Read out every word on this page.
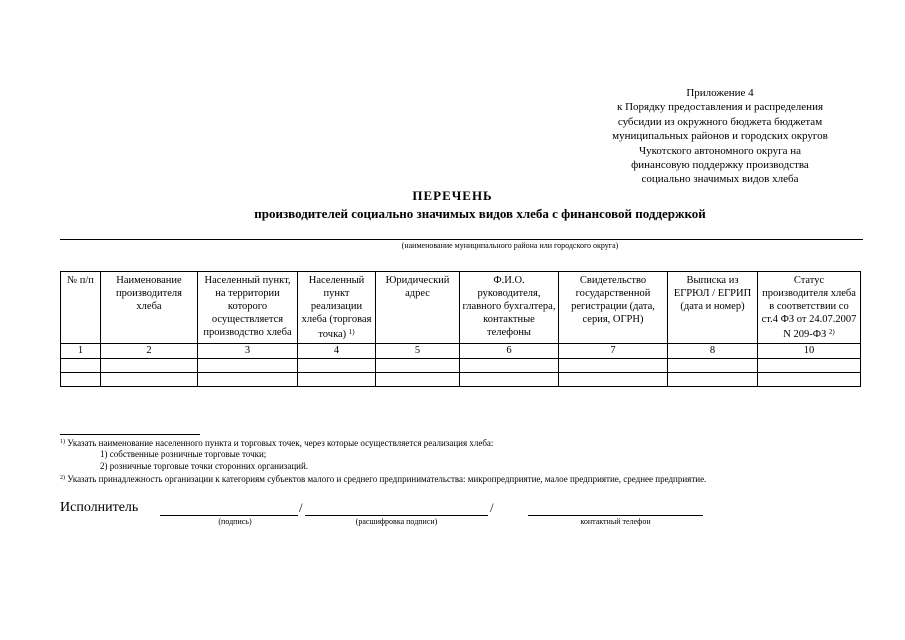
Приложение 4
к Порядку предоставления и распределения
субсидии из окружного бюджета бюджетам
муниципальных районов и городских округов
Чукотского автономного округа на
финансовую поддержку производства
социально значимых видов хлеба
ПЕРЕЧЕНЬ
производителей социально значимых видов хлеба с финансовой поддержкой
(наименование муниципального района или городского округа)
№ п/п	Наименование производителя хлеба	Населенный пункт, на территории которого осуществляется производство хлеба	Населенный пункт реализации хлеба (торговая точка) $^{1)}$	Юридический адрес	Ф.И.О. руководителя, главного бухгалтера, контактные телефоны	Свидетельство государственной регистрации (дата, серия, ОГРН)	Выписка из ЕГРЮЛ / ЕГРИП (дата и номер)	Статус производителя хлеба в соответствии со ст.4 ФЗ от 24.07.2007 N 209-ФЗ $^{2)}$
1	2	3	4	5	6	7	8	10

$^{1)}$ Указать наименование населенного пункта и торговых точек, через которые осуществляется реализация хлеба:
1) собственные розничные торговые точки;
2) розничные торговые точки сторонних организаций.
$^{2)}$ Указать принадлежность организации к категориям субъектов малого и среднего предпринимательства: микропредприятие, малое предприятие, среднее предприятие.
Исполнитель	/	/
(подпись)	(расшифровка подписи)	контактный телефон
